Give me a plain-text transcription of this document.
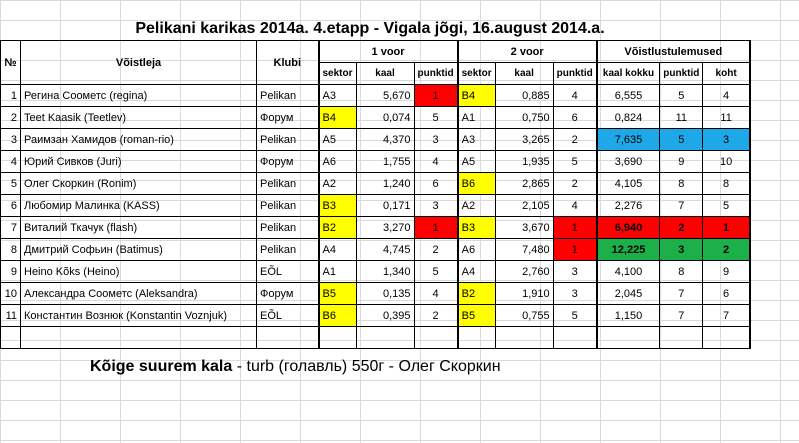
Pelikani karikas 2014a. 4.etapp - Vigala jõgi, 16.august 2014.a.
№	Võistleja	Klubi	1 voor			2 voor			Võistlustulemused		
			sektor	kaal	punktid	sektor	kaal	punktid	kaal kokku	punktid	koht
1	Регина Соометс (regina)	Pelikan	A3	5,670	1	B4	0,885	4	6,555	5	4
2	Teet Kaasik (Teetlev)	Форум	B4	0,074	5	A1	0,750	6	0,824	11	11
3	Раимзан Хамидов (roman-rio)	Pelikan	A5	4,370	3	A3	3,265	2	7,635	5	3
4	Юрий Сивков (Juri)	Форум	A6	1,755	4	A5	1,935	5	3,690	9	10
5	Олег Скоркин (Ronim)	Pelikan	A2	1,240	6	B6	2,865	2	4,105	8	8
6	Любомир Малинка (KASS)	Pelikan	B3	0,171	3	A2	2,105	4	2,276	7	5
7	Виталий Ткачук (flash)	Pelikan	B2	3,270	1	B3	3,670	1	6,940	2	1
8	Дмитрий Софьин (Batimus)	Pelikan	A4	4,745	2	A6	7,480	1	12,225	3	2
9	Heino Kõks (Heino)	EÕL	A1	1,340	5	A4	2,760	3	4,100	8	9
10	Александра Соометс (Aleksandra)	Форум	B5	0,135	4	B2	1,910	3	2,045	7	6
11	Константин Вознюк (Konstantin Voznjuk)	EÕL	B6	0,395	2	B5	0,755	5	1,150	7	7

Kõige suurem kala - turb (голавль) 550г - Олег Скоркин
